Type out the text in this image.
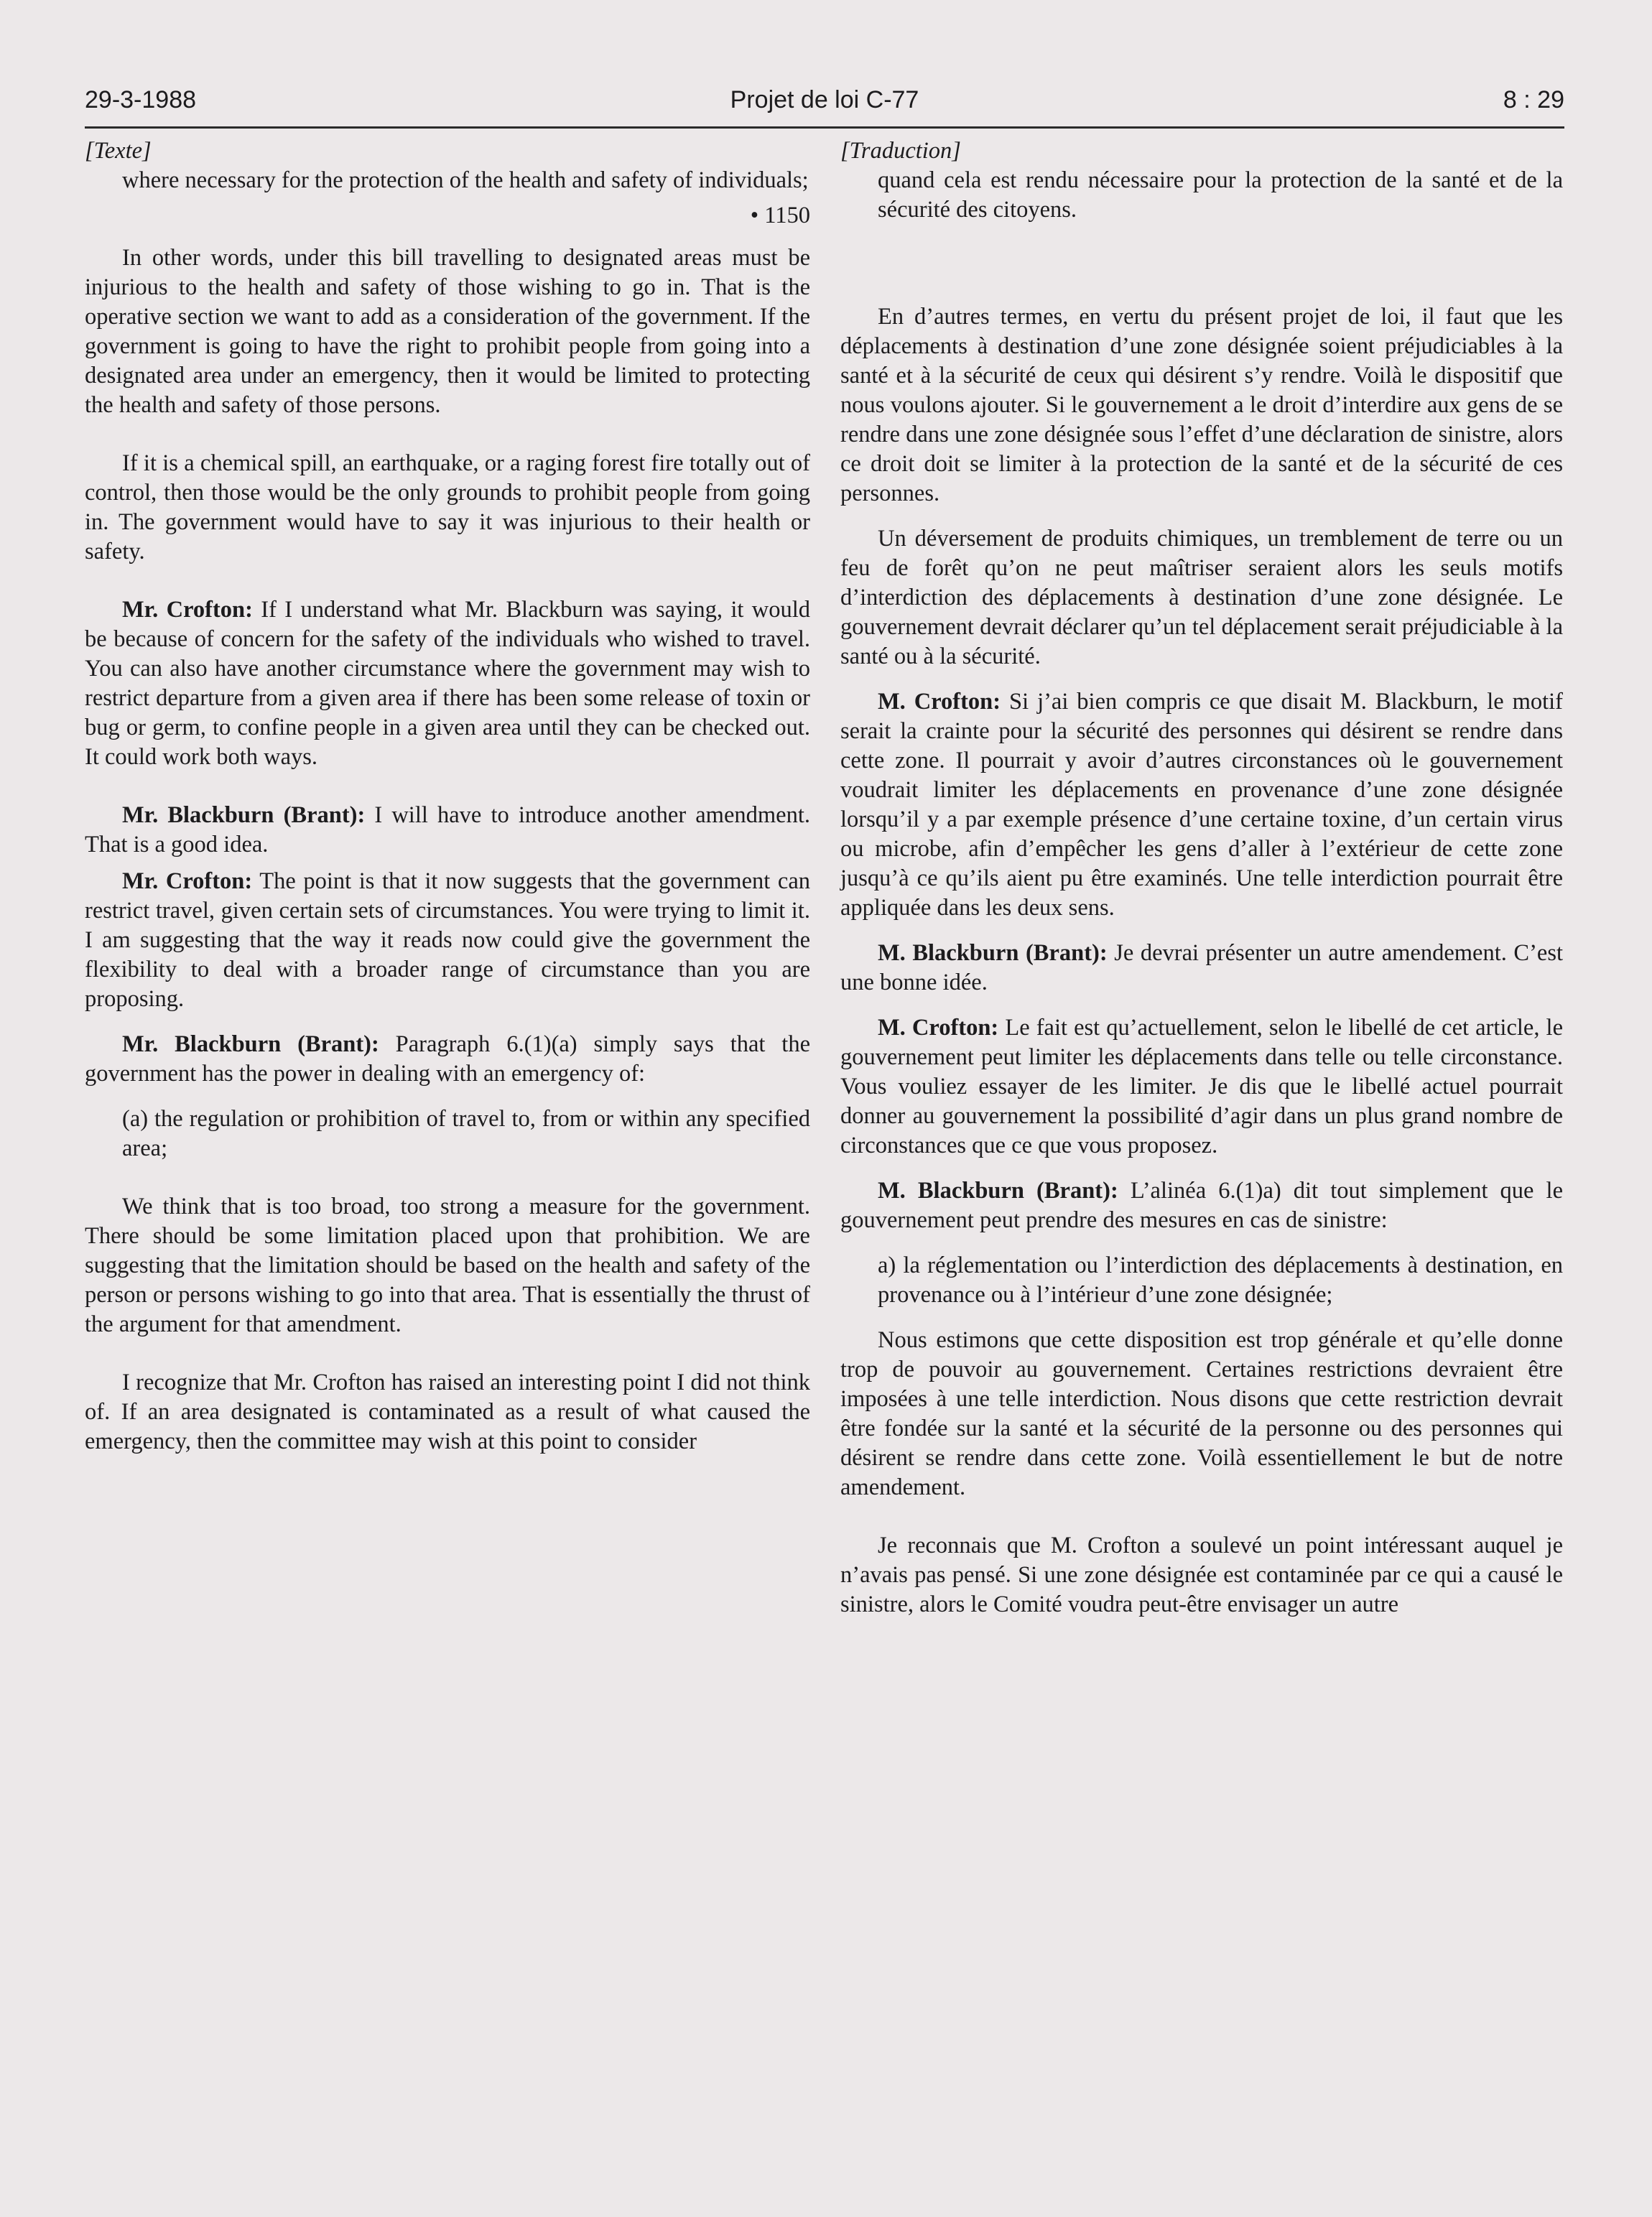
29-3-1988	Projet de loi C-77	8 : 29
[Texte]

where necessary for the protection of the health and safety of individuals;

• 1150

In other words, under this bill travelling to designated areas must be injurious to the health and safety of those wishing to go in. That is the operative section we want to add as a consideration of the government. If the government is going to have the right to prohibit people from going into a designated area under an emergency, then it would be limited to protecting the health and safety of those persons.

If it is a chemical spill, an earthquake, or a raging forest fire totally out of control, then those would be the only grounds to prohibit people from going in. The government would have to say it was injurious to their health or safety.

Mr. Crofton: If I understand what Mr. Blackburn was saying, it would be because of concern for the safety of the individuals who wished to travel. You can also have another circumstance where the government may wish to restrict departure from a given area if there has been some release of toxin or bug or germ, to confine people in a given area until they can be checked out. It could work both ways.

Mr. Blackburn (Brant): I will have to introduce another amendment. That is a good idea.

Mr. Crofton: The point is that it now suggests that the government can restrict travel, given certain sets of circumstances. You were trying to limit it. I am suggesting that the way it reads now could give the government the flexibility to deal with a broader range of circumstance than you are proposing.

Mr. Blackburn (Brant): Paragraph 6.(1)(a) simply says that the government has the power in dealing with an emergency of:

(a) the regulation or prohibition of travel to, from or within any specified area;

We think that is too broad, too strong a measure for the government. There should be some limitation placed upon that prohibition. We are suggesting that the limitation should be based on the health and safety of the person or persons wishing to go into that area. That is essentially the thrust of the argument for that amendment.

I recognize that Mr. Crofton has raised an interesting point I did not think of. If an area designated is contaminated as a result of what caused the emergency, then the committee may wish at this point to consider

[Traduction]

quand cela est rendu nécessaire pour la protection de la santé et de la sécurité des citoyens.

En d’autres termes, en vertu du présent projet de loi, il faut que les déplacements à destination d’une zone désignée soient préjudiciables à la santé et à la sécurité de ceux qui désirent s’y rendre. Voilà le dispositif que nous voulons ajouter. Si le gouvernement a le droit d’interdire aux gens de se rendre dans une zone désignée sous l’effet d’une déclaration de sinistre, alors ce droit doit se limiter à la protection de la santé et de la sécurité de ces personnes.

Un déversement de produits chimiques, un tremblement de terre ou un feu de forêt qu’on ne peut maîtriser seraient alors les seuls motifs d’interdiction des déplacements à destination d’une zone désignée. Le gouvernement devrait déclarer qu’un tel déplacement serait préjudiciable à la santé ou à la sécurité.

M. Crofton: Si j’ai bien compris ce que disait M. Blackburn, le motif serait la crainte pour la sécurité des personnes qui désirent se rendre dans cette zone. Il pourrait y avoir d’autres circonstances où le gouvernement voudrait limiter les déplacements en provenance d’une zone désignée lorsqu’il y a par exemple présence d’une certaine toxine, d’un certain virus ou microbe, afin d’empêcher les gens d’aller à l’extérieur de cette zone jusqu’à ce qu’ils aient pu être examinés. Une telle interdiction pourrait être appliquée dans les deux sens.

M. Blackburn (Brant): Je devrai présenter un autre amendement. C’est une bonne idée.

M. Crofton: Le fait est qu’actuellement, selon le libellé de cet article, le gouvernement peut limiter les déplacements dans telle ou telle circonstance. Vous vouliez essayer de les limiter. Je dis que le libellé actuel pourrait donner au gouvernement la possibilité d’agir dans un plus grand nombre de circonstances que ce que vous proposez.

M. Blackburn (Brant): L’alinéa 6.(1)a) dit tout simplement que le gouvernement peut prendre des mesures en cas de sinistre:

a) la réglementation ou l’interdiction des déplacements à destination, en provenance ou à l’intérieur d’une zone désignée;

Nous estimons que cette disposition est trop générale et qu’elle donne trop de pouvoir au gouvernement. Certaines restrictions devraient être imposées à une telle interdiction. Nous disons que cette restriction devrait être fondée sur la santé et la sécurité de la personne ou des personnes qui désirent se rendre dans cette zone. Voilà essentiellement le but de notre amendement.

Je reconnais que M. Crofton a soulevé un point intéressant auquel je n’avais pas pensé. Si une zone désignée est contaminée par ce qui a causé le sinistre, alors le Comité voudra peut-être envisager un autre
